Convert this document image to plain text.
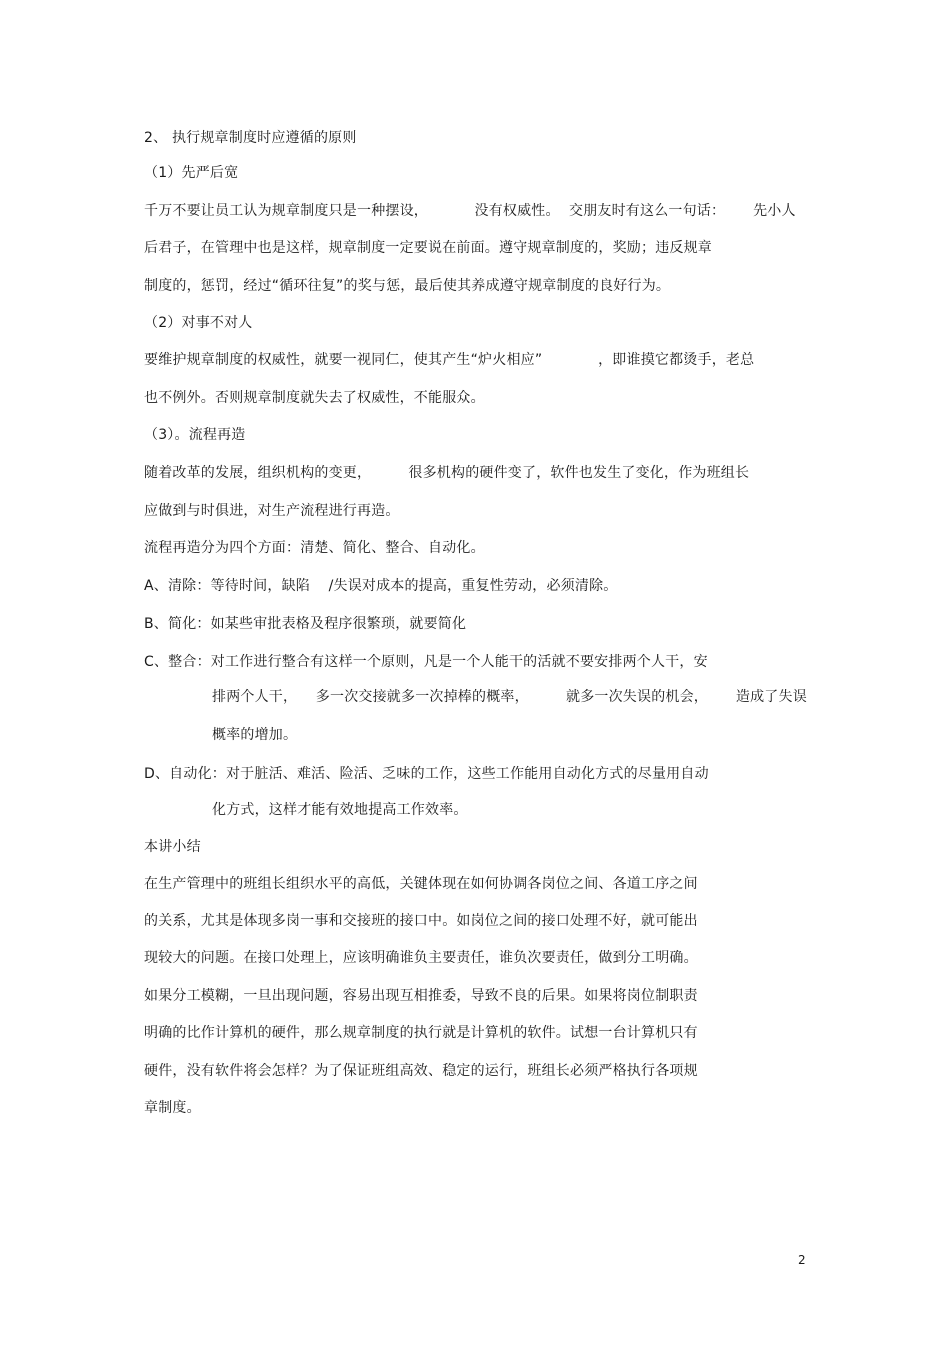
2、 执行规章制度时应遵循的原则
（1）先严后宽
千万不要让员工认为规章制度只是一种摆设，          没有权威性。  交朋友时有这么一句话：      先小人
后君子，在管理中也是这样，规章制度一定要说在前面。遵守规章制度的，奖励；违反规章
制度的，惩罚，经过“循环往复”的奖与惩，最后使其养成遵守规章制度的良好行为。
（2）对事不对人
要维护规章制度的权威性，就要一视同仁，使其产生“炉火相应”            ，即谁摸它都烫手，老总
也不例外。否则规章制度就失去了权威性，不能服众。
（3）。流程再造
随着改革的发展，组织机构的变更，        很多机构的硬件变了，软件也发生了变化，作为班组长
应做到与时俱进，对生产流程进行再造。
流程再造分为四个方面：清楚、简化、整合、自动化。
A、清除：等待时间，缺陷    /失误对成本的提高，重复性劳动，必须清除。
B、简化：如某些审批表格及程序很繁琐，就要简化
C、整合：对工作进行整合有这样一个原则，凡是一个人能干的活就不要安排两个人干，安
排两个人干，    多一次交接就多一次掉棒的概率，        就多一次失误的机会，      造成了失误
概率的增加。
D、自动化：对于脏活、难活、险活、乏味的工作，这些工作能用自动化方式的尽量用自动
化方式，这样才能有效地提高工作效率。
本讲小结
在生产管理中的班组长组织水平的高低，关键体现在如何协调各岗位之间、各道工序之间
的关系，尤其是体现多岗一事和交接班的接口中。如岗位之间的接口处理不好，就可能出
现较大的问题。在接口处理上，应该明确谁负主要责任，谁负次要责任，做到分工明确。
如果分工模糊，一旦出现问题，容易出现互相推委，导致不良的后果。如果将岗位制职责
明确的比作计算机的硬件，那么规章制度的执行就是计算机的软件。试想一台计算机只有
硬件，没有软件将会怎样？为了保证班组高效、稳定的运行，班组长必须严格执行各项规
章制度。
2
